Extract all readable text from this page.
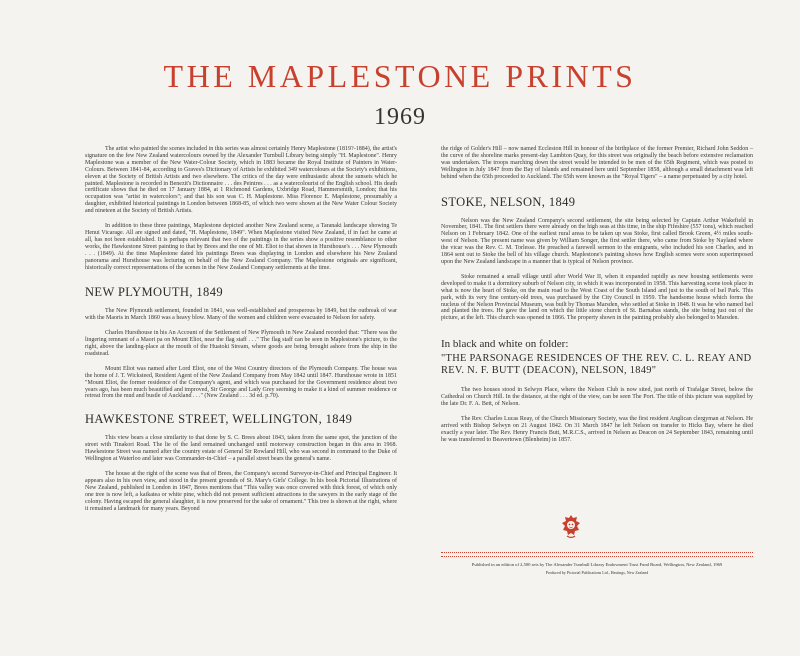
THE MAPLESTONE PRINTS
1969

The artist who painted the scenes included in this series was almost certainly Henry Maplestone (1819?-1884), the artist's signature on the few New Zealand watercolours owned by the Alexander Turnbull Library being simply "H. Maplestone". Henry Maplestone was a member of the New Water-Colour Society, which in 1883 became the Royal Institute of Painters in Water-Colours. Between 1841-84, according to Graves's Dictionary of Artists he exhibited 349 watercolours at the Society's exhibitions, eleven at the Society of British Artists and two elsewhere. The critics of the day were enthusiastic about the sunsets which he painted. Maplestone is recorded in Benezit's Dictionnaire . . . des Peintres . . . as a watercolourist of the English school. His death certificate shows that he died on 17 January 1884, at 1 Richmond Gardens, Uxbridge Road, Hammersmith, London; that his occupation was "artist in watercolors"; and that his son was C. H. Maplestone. Miss Florence E. Maplestone, presumably a daughter, exhibited historical paintings in London between 1868-85, of which two were shown at the New Water Colour Society and nineteen at the Society of British Artists.

In addition to these three paintings, Maplestone depicted another New Zealand scene, a Taranaki landscape showing Te Henui Vicarage. All are signed and dated, "H. Maplestone, 1849". When Maplestone visited New Zealand, if in fact he came at all, has not been established. It is perhaps relevant that two of the paintings in the series show a positive resemblance to other works, the Hawkestone Street painting to that by Brees and the one of Mt. Eliot to that shown in Hursthouse's . . . New Plymouth . . . (1849). At the time Maplestone dated his paintings Brees was displaying in London and elsewhere his New Zealand panorama and Hursthouse was lecturing on behalf of the New Zealand Company. The Maplestone originals are significant, historically correct representations of the scenes in the New Zealand Company settlements at the time.

NEW PLYMOUTH, 1849

The New Plymouth settlement, founded in 1841, was well-established and prosperous by 1849, but the outbreak of war with the Maoris in March 1860 was a heavy blow. Many of the women and children were evacuated to Nelson for safety.

Charles Hursthouse in his An Account of the Settlement of New Plymouth in New Zealand recorded that: "There was the lingering remnant of a Maori pa on Mount Eliot, near the flag staff . . ." The flag staff can be seen in Maplestone's picture, to the right, above the landing-place at the mouth of the Huatoki Stream, where goods are being brought ashore from the ship in the roadstead.

Mount Eliot was named after Lord Eliot, one of the West Country directors of the Plymouth Company. The house was the home of J. T. Wicksteed, Resident Agent of the New Zealand Company from May 1842 until 1847. Hursthouse wrote in 1851 "Mount Eliot, the former residence of the Company's agent, and which was purchased for the Government residence about two years ago, has been much beautified and improved, Sir George and Lady Grey seeming to make it a kind of summer residence or retreat from the mud and bustle of Auckland . . ." (New Zealand . . . 3d ed. p.70).

HAWKESTONE STREET, WELLINGTON, 1849

This view bears a close similarity to that done by S. C. Brees about 1843, taken from the same spot, the junction of the street with Tinakori Road. The lie of the land remained unchanged until motorway construction began in this area in 1968. Hawkestone Street was named after the country estate of General Sir Rowland Hill, who was second in command to the Duke of Wellington at Waterloo and later was Commander-in-Chief – a parallel street bears the general's name.

The house at the right of the scene was that of Brees, the Company's second Surveyor-in-Chief and Principal Engineer. It appears also in his own view, and stood in the present grounds of St. Mary's Girls' College. In his book Pictorial Illustrations of New Zealand, published in London in 1847, Brees mentions that "This valley was once covered with thick forest, of which only one tree is now left, a kaikatea or white pine, which did not present sufficient attractions to the sawyers in the early stage of the colony. Having escaped the general slaughter, it is now preserved for the sake of ornament." This tree is shown at the right, where it remained a landmark for many years. Beyond

the ridge of Golder's Hill – now named Eccleston Hill in honour of the birthplace of the former Premier, Richard John Seddon – the curve of the shoreline marks present-day Lambton Quay, for this street was originally the beach before extensive reclamation was undertaken. The troops marching down the street would be intended to be men of the 65th Regiment, which was posted to Wellington in July 1847 from the Bay of Islands and remained here until September 1858, although a small detachment was left behind when the 65th proceeded to Auckland. The 65th were known as the "Royal Tigers" – a name perpetuated by a city hotel.

STOKE, NELSON, 1849

Nelson was the New Zealand Company's second settlement, the site being selected by Captain Arthur Wakefield in November, 1841. The first settlers there were already on the high seas at this time, in the ship Fifeshire (557 tons), which reached Nelson on 1 February 1842. One of the earliest rural areas to be taken up was Stoke, first called Brook Green, 4½ miles south-west of Nelson. The present name was given by William Songer, the first settler there, who came from Stoke by Nayland where the vicar was the Rev. C. M. Torlesse. He preached a farewell sermon to the emigrants, who included his son Charles, and in 1864 sent out to Stoke the bell of his village church. Maplestone's painting shows how English scenes were soon superimposed upon the New Zealand landscape in a manner that is typical of Nelson province.

Stoke remained a small village until after World War II, when it expanded rapidly as new housing settlements were developed to make it a dormitory suburb of Nelson city, in which it was incorporated in 1958. This harvesting scene took place in what is now the heart of Stoke, on the main road to the West Coast of the South Island and just to the south of Isel Park. This park, with its very fine century-old trees, was purchased by the City Council in 1959. The handsome house which forms the nucleus of the Nelson Provincial Museum, was built by Thomas Marsden, who settled at Stoke in 1848. It was he who named Isel and planted the trees. He gave the land on which the little stone church of St. Barnabas stands, the site being just out of the picture, at the left. This church was opened in 1866. The property shown in the painting probably also belonged to Marsden.

In black and white on folder:
"THE PARSONAGE RESIDENCES OF THE REV. C. L. REAY AND REV. N. F. BUTT (DEACON), NELSON, 1849"

The two houses stood in Selwyn Place, where the Nelson Club is now sited, just north of Trafalgar Street, below the Cathedral on Church Hill. In the distance, at the right of the view, can be seen The Port. The title of this picture was supplied by the late Dr. F. A. Bett, of Nelson.

The Rev. Charles Lucas Reay, of the Church Missionary Society, was the first resident Anglican clergyman at Nelson. He arrived with Bishop Selwyn on 21 August 1842. On 31 March 1847 he left Nelson on transfer to Hicks Bay, where he died exactly a year later. The Rev. Henry Francis Butt, M.R.C.S., arrived in Nelson as Deacon on 24 September 1843, remaining until he was transferred to Beavertown (Blenheim) in 1857.

Published in an edition of 2,500 sets by The Alexander Turnbull Library Endowment Trust Fund Board, Wellington, New Zealand, 1969
Produced by Pictorial Publications Ltd., Hastings, New Zealand
